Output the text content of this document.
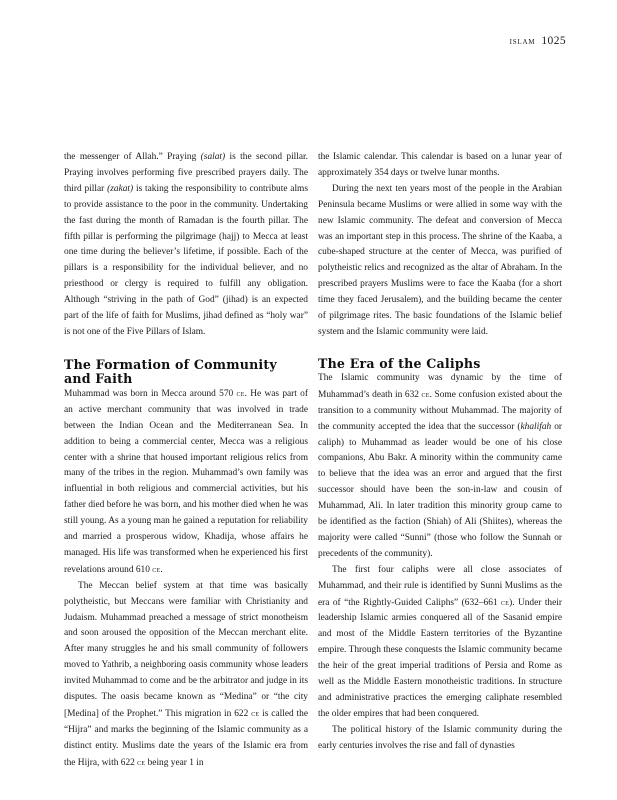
islam 1025

the messenger of Allah.” Praying (salat) is the second pillar. Praying involves performing five prescribed prayers daily. The third pillar (zakat) is taking the responsibility to contribute alms to provide assistance to the poor in the community. Undertaking the fast during the month of Ramadan is the fourth pillar. The fifth pillar is performing the pilgrimage (hajj) to Mecca at least one time during the believer’s lifetime, if possible. Each of the pillars is a responsibility for the individual believer, and no priesthood or clergy is required to fulfill any obligation. Although “striving in the path of God” (jihad) is an expected part of the life of faith for Muslims, jihad defined as “holy war” is not one of the Five Pillars of Islam.

The Formation of Community and Faith

Muhammad was born in Mecca around 570 ce. He was part of an active merchant community that was involved in trade between the Indian Ocean and the Mediterranean Sea. In addition to being a commercial center, Mecca was a religious center with a shrine that housed important religious relics from many of the tribes in the region. Muhammad’s own family was influential in both religious and commercial activities, but his father died before he was born, and his mother died when he was still young. As a young man he gained a reputation for reliability and married a prosperous widow, Khadija, whose affairs he managed. His life was transformed when he experienced his first revelations around 610 ce.

The Meccan belief system at that time was basically polytheistic, but Meccans were familiar with Christianity and Judaism. Muhammad preached a message of strict monotheism and soon aroused the opposition of the Meccan merchant elite. After many struggles he and his small community of followers moved to Yathrib, a neighboring oasis community whose leaders invited Muhammad to come and be the arbitrator and judge in its disputes. The oasis became known as “Medina” or “the city [Medina] of the Prophet.” This migration in 622 ce is called the “Hijra” and marks the beginning of the Islamic community as a distinct entity. Muslims date the years of the Islamic era from the Hijra, with 622 ce being year 1 in

the Islamic calendar. This calendar is based on a lunar year of approximately 354 days or twelve lunar months.

During the next ten years most of the people in the Arabian Peninsula became Muslims or were allied in some way with the new Islamic community. The defeat and conversion of Mecca was an important step in this process. The shrine of the Kaaba, a cube-shaped structure at the center of Mecca, was purified of polytheistic relics and recognized as the altar of Abraham. In the prescribed prayers Muslims were to face the Kaaba (for a short time they faced Jerusalem), and the building became the center of pilgrimage rites. The basic foundations of the Islamic belief system and the Islamic community were laid.

The Era of the Caliphs

The Islamic community was dynamic by the time of Muhammad’s death in 632 ce. Some confusion existed about the transition to a community without Muhammad. The majority of the community accepted the idea that the successor (khalifah or caliph) to Muhammad as leader would be one of his close companions, Abu Bakr. A minority within the community came to believe that the idea was an error and argued that the first successor should have been the son-in-law and cousin of Muhammad, Ali. In later tradition this minority group came to be identified as the faction (Shiah) of Ali (Shiites), whereas the majority were called “Sunni” (those who follow the Sunnah or precedents of the community).

The first four caliphs were all close associates of Muhammad, and their rule is identified by Sunni Muslims as the era of “the Rightly-Guided Caliphs” (632–661 ce). Under their leadership Islamic armies conquered all of the Sasanid empire and most of the Middle Eastern territories of the Byzantine empire. Through these conquests the Islamic community became the heir of the great imperial traditions of Persia and Rome as well as the Middle Eastern monotheistic traditions. In structure and administrative practices the emerging caliphate resembled the older empires that had been conquered.

The political history of the Islamic community during the early centuries involves the rise and fall of dynasties
